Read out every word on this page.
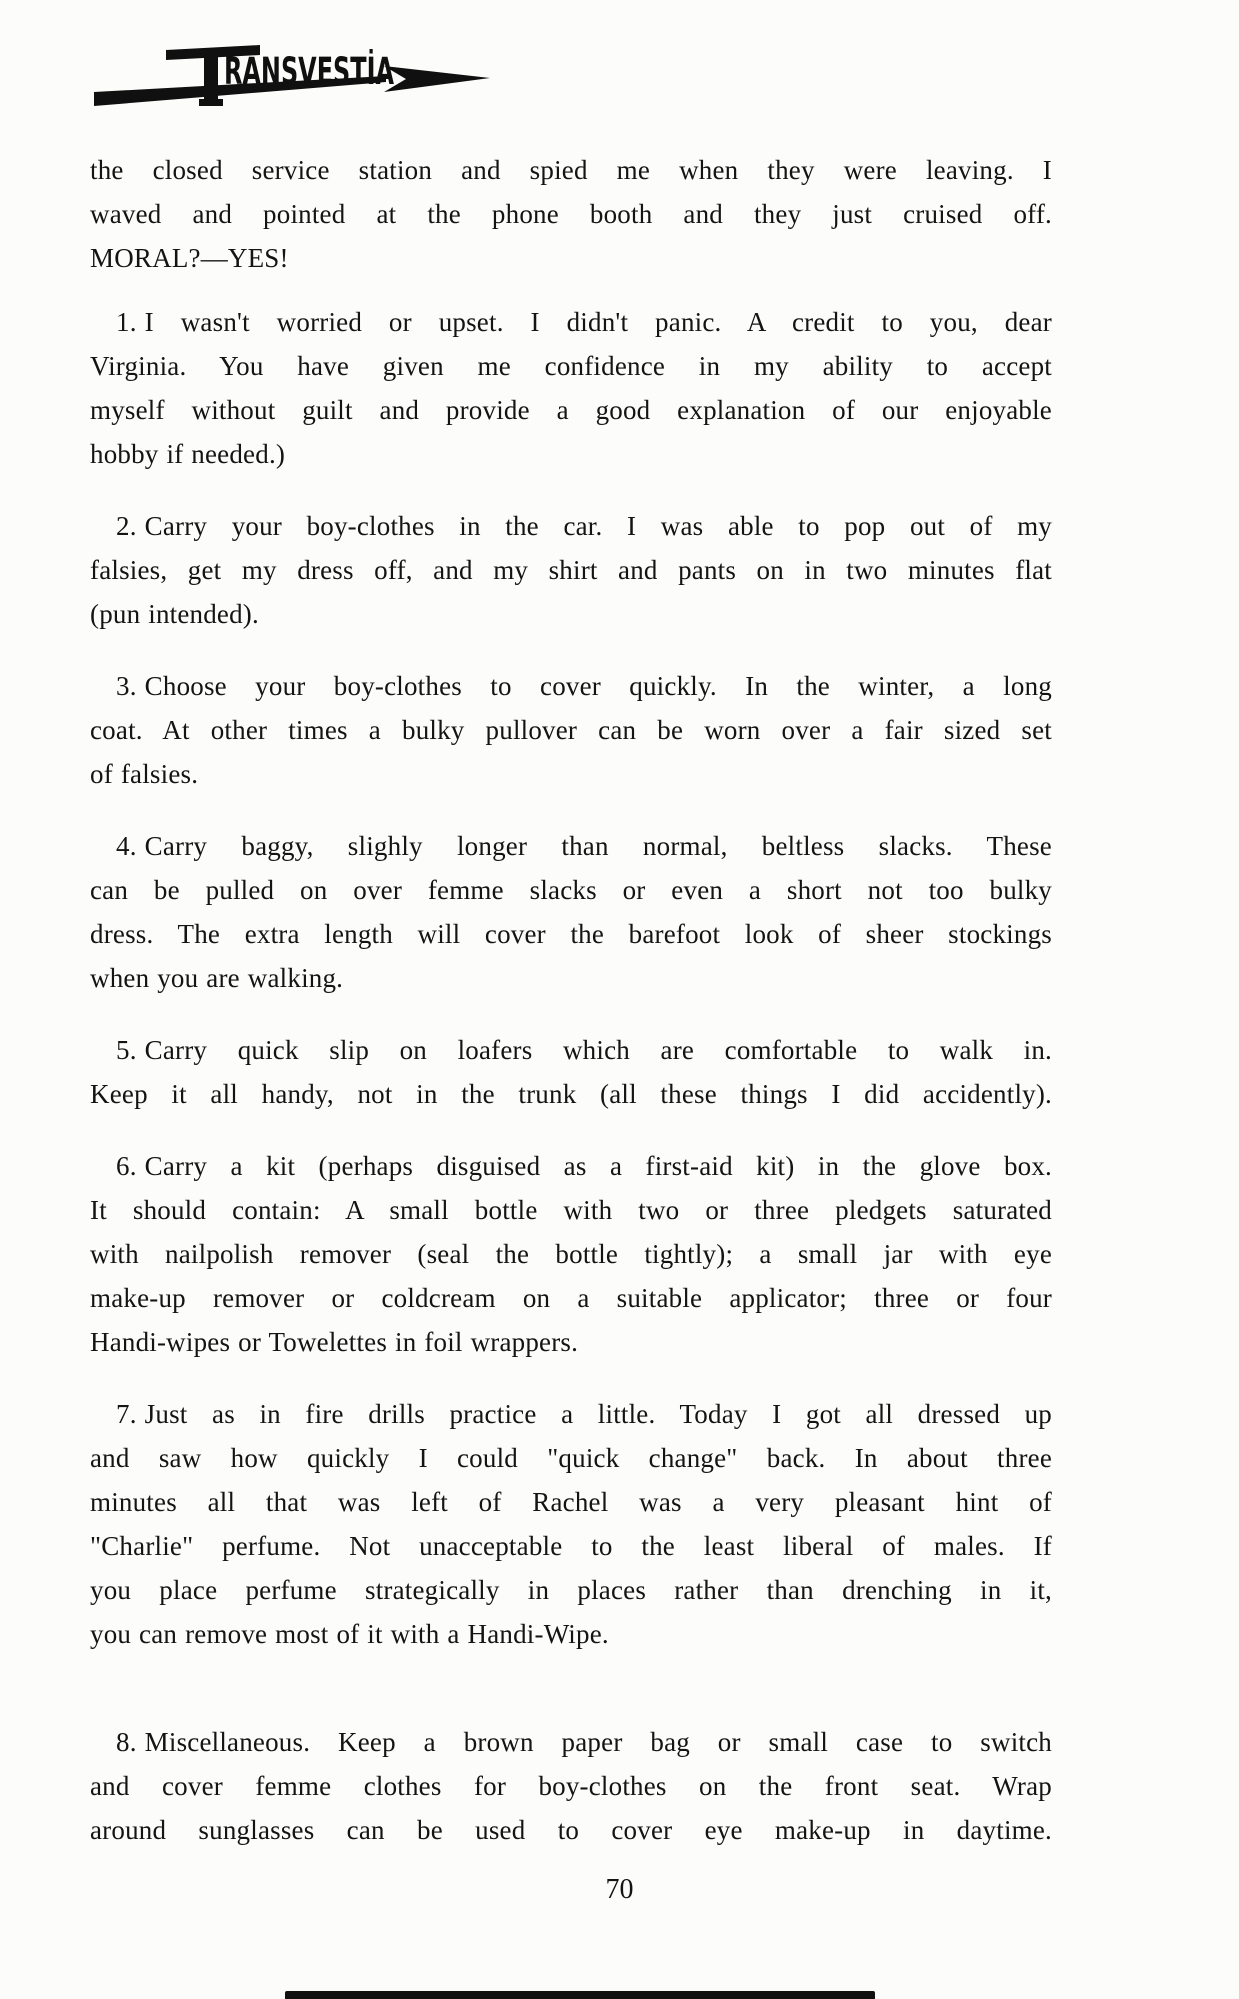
RANSVESTİA
the closed service station and spied me when they were leaving. I
waved and pointed at the phone booth and they just cruised off.
MORAL?—YES!
1. I wasn't worried or upset. I didn't panic. A credit to you, dear
Virginia. You have given me confidence in my ability to accept
myself without guilt and provide a good explanation of our enjoyable
hobby if needed.)
2. Carry your boy-clothes in the car. I was able to pop out of my
falsies, get my dress off, and my shirt and pants on in two minutes flat
(pun intended).
3. Choose your boy-clothes to cover quickly. In the winter, a long
coat. At other times a bulky pullover can be worn over a fair sized set
of falsies.
4. Carry baggy, slighly longer than normal, beltless slacks. These
can be pulled on over femme slacks or even a short not too bulky
dress. The extra length will cover the barefoot look of sheer stockings
when you are walking.
5. Carry quick slip on loafers which are comfortable to walk in.
Keep it all handy, not in the trunk (all these things I did accidently).
6. Carry a kit (perhaps disguised as a first-aid kit) in the glove box.
It should contain: A small bottle with two or three pledgets saturated
with nailpolish remover (seal the bottle tightly); a small jar with eye
make-up remover or coldcream on a suitable applicator; three or four
Handi-wipes or Towelettes in foil wrappers.
7. Just as in fire drills practice a little. Today I got all dressed up
and saw how quickly I could "quick change" back. In about three
minutes all that was left of Rachel was a very pleasant hint of
"Charlie" perfume. Not unacceptable to the least liberal of males. If
you place perfume strategically in places rather than drenching in it,
you can remove most of it with a Handi-Wipe.
8. Miscellaneous. Keep a brown paper bag or small case to switch
and cover femme clothes for boy-clothes on the front seat. Wrap
around sunglasses can be used to cover eye make-up in daytime.
70
